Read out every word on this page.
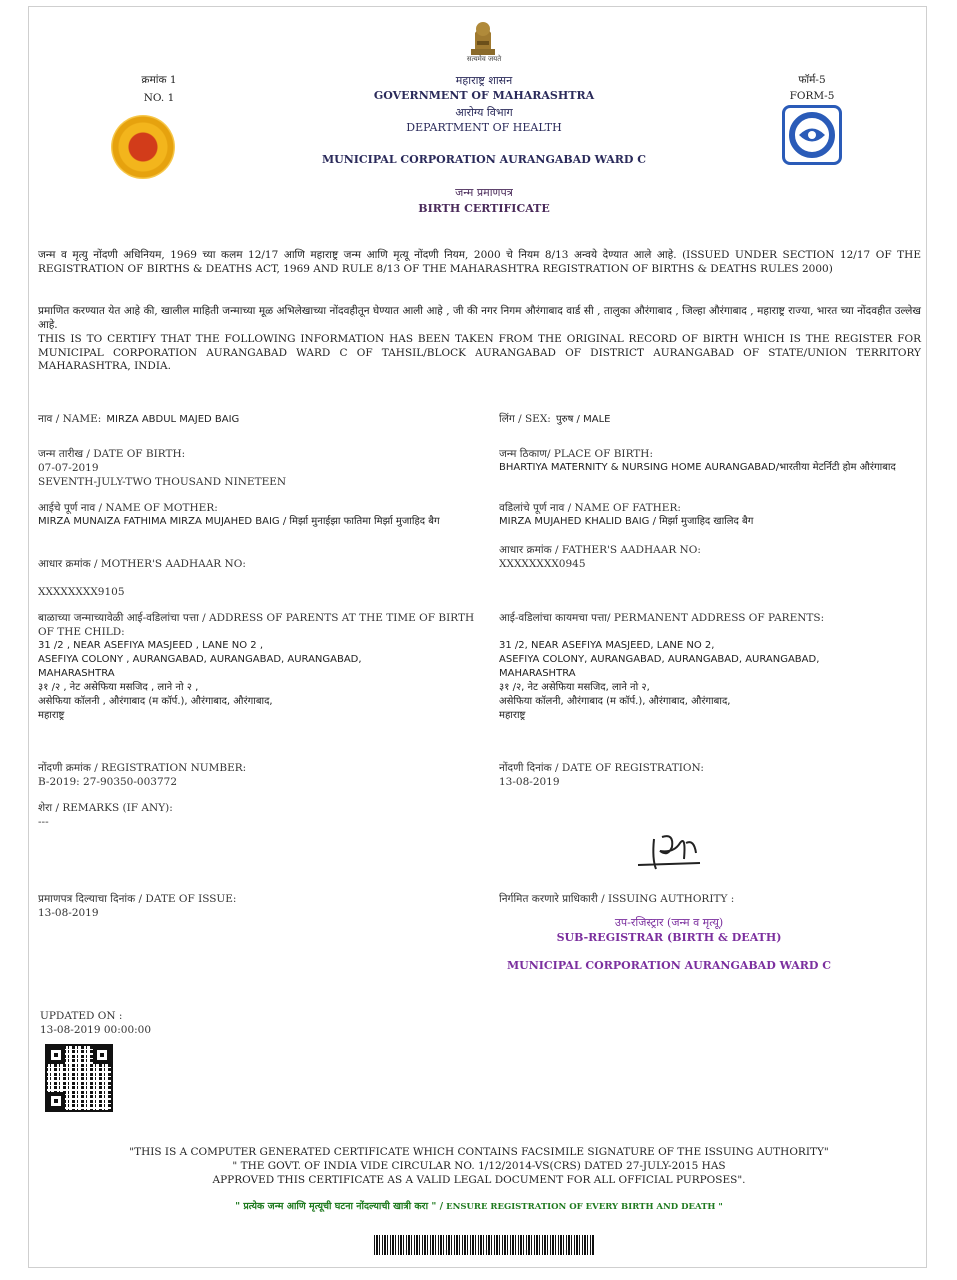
सत्यमेव जयते
क्रमांक 1
NO. 1
महाराष्ट्र शासन
GOVERNMENT OF MAHARASHTRA
आरोग्य विभाग
DEPARTMENT OF HEALTH
फॉर्म-5
FORM-5
MUNICIPAL CORPORATION AURANGABAD WARD C
जन्म प्रमाणपत्र
BIRTH CERTIFICATE
जन्म व मृत्यु नोंदणी अधिनियम, 1969 च्या कलम 12/17 आणि महाराष्ट्र जन्म आणि मृत्यू नोंदणी नियम, 2000 चे नियम 8/13 अन्वये देण्यात आले आहे. (ISSUED UNDER SECTION 12/17 OF THE REGISTRATION OF BIRTHS & DEATHS ACT, 1969 AND RULE 8/13 OF THE MAHARASHTRA REGISTRATION OF BIRTHS & DEATHS RULES 2000)
प्रमाणित करण्यात येत आहे की, खालील माहिती जन्माच्या मूळ अभिलेखाच्या नोंदवहीतून घेण्यात आली आहे , जी की नगर निगम औरंगाबाद वार्ड सी , तालुका औरंगाबाद , जिल्हा औरंगाबाद , महाराष्ट्र राज्या, भारत च्या नोंदवहीत उल्लेख आहे.
THIS IS TO CERTIFY THAT THE FOLLOWING INFORMATION HAS BEEN TAKEN FROM THE ORIGINAL RECORD OF BIRTH WHICH IS THE REGISTER FOR MUNICIPAL CORPORATION AURANGABAD WARD C OF TAHSIL/BLOCK AURANGABAD OF DISTRICT AURANGABAD OF STATE/UNION TERRITORY MAHARASHTRA, INDIA.
नाव / NAME: MIRZA ABDUL MAJED BAIG	लिंग / SEX: पुरुष / MALE
जन्म तारीख / DATE OF BIRTH:
07-07-2019
SEVENTH-JULY-TWO THOUSAND NINETEEN
जन्म ठिकाण/ PLACE OF BIRTH:
BHARTIYA MATERNITY & NURSING HOME AURANGABAD/भारतीया मेटर्निटी होम औरंगाबाद
आईचे पूर्ण नाव / NAME OF MOTHER:
MIRZA MUNAIZA FATHIMA MIRZA MUJAHED BAIG / मिर्झा मुनाईझा फातिमा मिर्झा मुजाहिद बैग
वडिलांचे पूर्ण नाव / NAME OF FATHER:
MIRZA MUJAHED KHALID BAIG / मिर्झा मुजाहिद खालिद बैग
आधार क्रमांक / MOTHER'S AADHAAR NO:
XXXXXXXX9105
आधार क्रमांक / FATHER'S AADHAAR NO:
XXXXXXXX0945
बाळाच्या जन्माच्यावेळी आई-वडिलांचा पत्ता / ADDRESS OF PARENTS AT THE TIME OF BIRTH OF THE CHILD:
31 /2 , NEAR ASEFIYA MASJEED , LANE NO 2 ,
ASEFIYA COLONY , AURANGABAD, AURANGABAD, AURANGABAD,
MAHARASHTRA
३१ /२ , नेट असेफिया मसजिद , लाने नो २ ,
असेफिया कॉलनी , औरंगाबाद (म कॉर्प.), औरंगाबाद, औरंगाबाद,
महाराष्ट्र
आई-वडिलांचा कायमचा पत्ता/ PERMANENT ADDRESS OF PARENTS:
31 /2, NEAR ASEFIYA MASJEED, LANE NO 2,
ASEFIYA COLONY, AURANGABAD, AURANGABAD, AURANGABAD,
MAHARASHTRA
३१ /२, नेट असेफिया मसजिद, लाने नो २,
असेफिया कॉलनी, औरंगाबाद (म कॉर्प.), औरंगाबाद, औरंगाबाद,
महाराष्ट्र
नोंदणी क्रमांक / REGISTRATION NUMBER:
B-2019: 27-90350-003772
नोंदणी दिनांक / DATE OF REGISTRATION:
13-08-2019
शेरा / REMARKS (IF ANY):
---
प्रमाणपत्र दिल्याचा दिनांक / DATE OF ISSUE:
13-08-2019
निर्गमित करणारे प्राधिकारी / ISSUING AUTHORITY :
उप-रजिस्ट्रार (जन्म व मृत्यू)
SUB-REGISTRAR (BIRTH & DEATH)
MUNICIPAL CORPORATION AURANGABAD WARD C
UPDATED ON :
13-08-2019 00:00:00
"THIS IS A COMPUTER GENERATED CERTIFICATE WHICH CONTAINS FACSIMILE SIGNATURE OF THE ISSUING AUTHORITY"
" THE GOVT. OF INDIA VIDE CIRCULAR NO. 1/12/2014-VS(CRS) DATED 27-JULY-2015 HAS
APPROVED THIS CERTIFICATE AS A VALID LEGAL DOCUMENT FOR ALL OFFICIAL PURPOSES".
" प्रत्येक जन्म आणि मृत्यूची घटना नोंदल्याची खात्री करा " / ENSURE REGISTRATION OF EVERY BIRTH AND DEATH "
